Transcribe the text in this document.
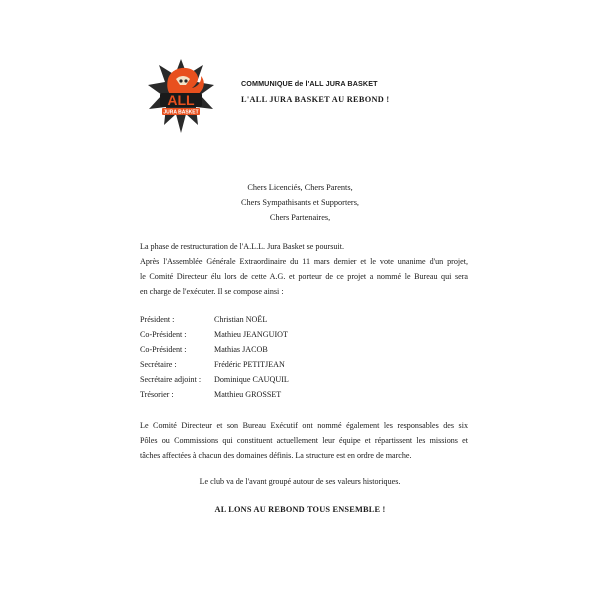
ALL
JURA BASKET
COMMUNIQUE de l'ALL JURA BASKET
L'ALL JURA BASKET AU REBOND !
Chers Licenciés, Chers Parents,
Chers Sympathisants et Supporters,
Chers Partenaires,
La phase de restructuration de l'A.L.L. Jura Basket se poursuit.
Après l'Assemblée Générale Extraordinaire du 11 mars dernier et le vote unanime d'un projet,
le Comité Directeur élu lors de cette A.G. et porteur de ce projet a nommé le Bureau qui sera
en charge de l'exécuter. Il se compose ainsi :
Président :	Christian NOËL
Co-Président :	Mathieu JEANGUIOT
Co-Président :	Mathias JACOB
Secrétaire :	Frédéric PETITJEAN
Secrétaire adjoint : Dominique CAUQUIL
Trésorier :	Matthieu GROSSET
Le Comité Directeur et son Bureau Exécutif ont nommé également les responsables des six
Pôles ou Commissions qui constituent actuellement leur équipe et répartissent les missions et
tâches affectées à chacun des domaines définis. La structure est en ordre de marche.
Le club va de l'avant groupé autour de ses valeurs historiques.
AL LONS AU REBOND TOUS ENSEMBLE !
